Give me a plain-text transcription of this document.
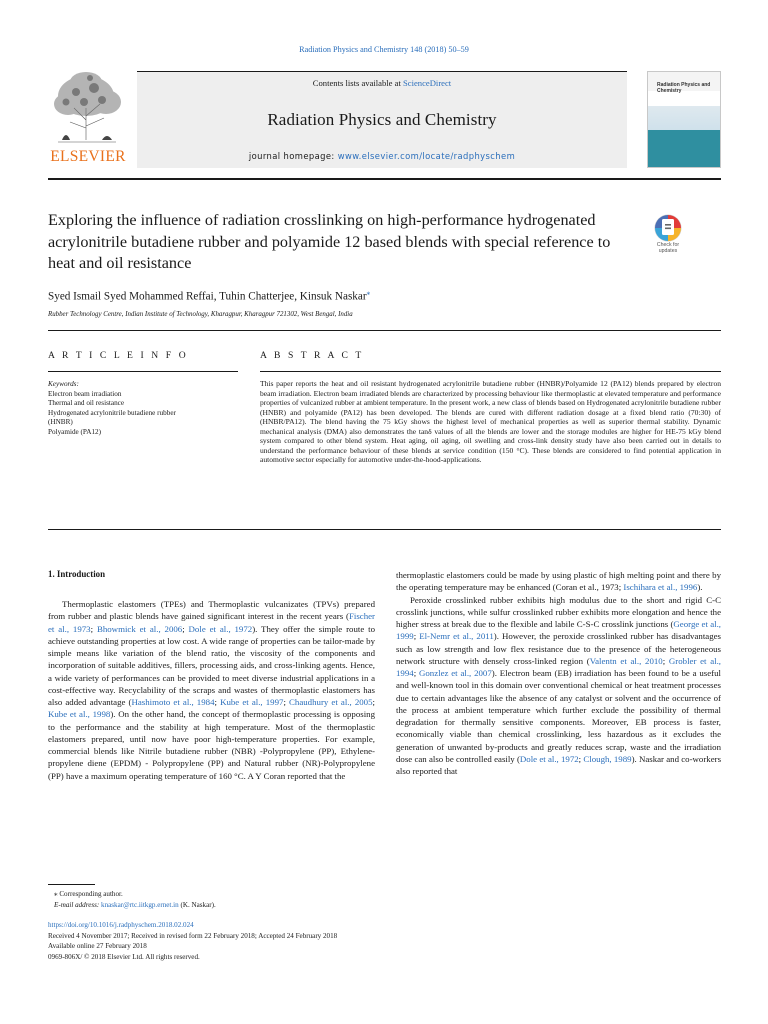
Radiation Physics and Chemistry 148 (2018) 50–59
ELSEVIER
Contents lists available at ScienceDirect
Radiation Physics and Chemistry
journal homepage: www.elsevier.com/locate/radphyschem
Radiation Physics and Chemistry
Exploring the influence of radiation crosslinking on high-performance hydrogenated acrylonitrile butadiene rubber and polyamide 12 based blends with special reference to heat and oil resistance
Check for updates
Syed Ismail Syed Mohammed Reffai, Tuhin Chatterjee, Kinsuk Naskar⁎
Rubber Technology Centre, Indian Institute of Technology, Kharagpur, Kharagpur 721302, West Bengal, India
A R T I C L E I N F O	A B S T R A C T
Keywords:
Electron beam irradiation
Thermal and oil resistance
Hydrogenated acrylonitrile butadiene rubber
(HNBR)
Polyamide (PA12)
This paper reports the heat and oil resistant hydrogenated acrylonitrile butadiene rubber (HNBR)/Polyamide 12 (PA12) blends prepared by electron beam irradiation. Electron beam irradiated blends are characterized by processing behaviour like thermoplastic at elevated temperature and performance properties of vulcanized rubber at ambient temperature. In the present work, a new class of blends based on Hydrogenated acrylonitrile butadiene rubber (HNBR) and polyamide (PA12) has been developed. The blends are cured with different radiation dosage at a fixed blend ratio (70:30) of (HNBR/PA12). The blend having the 75 kGy shows the highest level of mechanical properties as well as superior thermal stability. Dynamic mechanical analysis (DMA) also demonstrates the tanδ values of all the blends are lower and the storage modules are higher for HE-75 kGy blend system compared to other blend system. Heat aging, oil aging, oil swelling and cross-link density study have also been carried out in details to understand the performance behaviour of these blends at service condition (150 °C). These blends are considered to find potential application in automotive sector especially for automotive under-the-hood-applications.
1. Introduction

Thermoplastic elastomers (TPEs) and Thermoplastic vulcanizates (TPVs) prepared from rubber and plastic blends have gained significant interest in the recent years (Fischer et al., 1973; Bhowmick et al., 2006; Dole et al., 1972). They offer the simple route to achieve outstanding properties at low cost. A wide range of properties can be tailor-made by simple means like variation of the blend ratio, the viscosity of the components and incorporation of suitable additives, fillers, processing aids, and cross-linking agents. Hence, a wide variety of performances can be provided to meet diverse industrial applications in a cost-effective way. Recyclability of the scraps and wastes of thermoplastic elastomers has also added advantage (Hashimoto et al., 1984; Kube et al., 1997; Chaudhury et al., 2005; Kube et al., 1998). On the other hand, the concept of thermoplastic processing is opposing to the performance and the stability at high temperature. Most of the thermoplastic elastomers prepared, until now have poor high-temperature properties. For example, commercial blends like Nitrile butadiene rubber (NBR) -Polypropylene (PP), Ethylene-propylene diene (EPDM) - Polypropylene (PP) and Natural rubber (NR)-Polypropylene (PP) have a maximum operating temperature of 160 °C. A Y Coran reported that the

thermoplastic elastomers could be made by using plastic of high melting point and there by the operating temperature may be enhanced (Coran et al., 1973; Ischihara et al., 1996).

Peroxide crosslinked rubber exhibits high modulus due to the short and rigid C-C crosslink junctions, while sulfur crosslinked rubber exhibits more elongation and hence the higher stress at break due to the flexible and labile C-S-C crosslink junctions (George et al., 1999; El-Nemr et al., 2011). However, the peroxide crosslinked rubber has disadvantages such as low strength and low flex resistance due to the presence of the heterogeneous network structure with densely cross-linked region (Valentn et al., 2010; Grobler et al., 1994; Gonzlez et al., 2007). Electron beam (EB) irradiation has been found to be a useful and well-known tool in this domain over conventional chemical or heat treatment processes due to certain advantages like the absence of any catalyst or solvent and the occurrence of the process at ambient temperature which further exclude the possibility of thermal degradation for thermally sensitive components. Moreover, EB process is faster, economically viable than chemical crosslinking, less hazardous as it excludes the generation of unwanted by-products and greatly reduces scrap, waste and the irradiation dose can also be controlled easily (Dole et al., 1972; Clough, 1989). Naskar and co-workers also reported that

⁎ Corresponding author.
E-mail address: knaskar@rtc.iitkgp.ernet.in (K. Naskar).
https://doi.org/10.1016/j.radphyschem.2018.02.024
Received 4 November 2017; Received in revised form 22 February 2018; Accepted 24 February 2018
Available online 27 February 2018
0969-806X/ © 2018 Elsevier Ltd. All rights reserved.
